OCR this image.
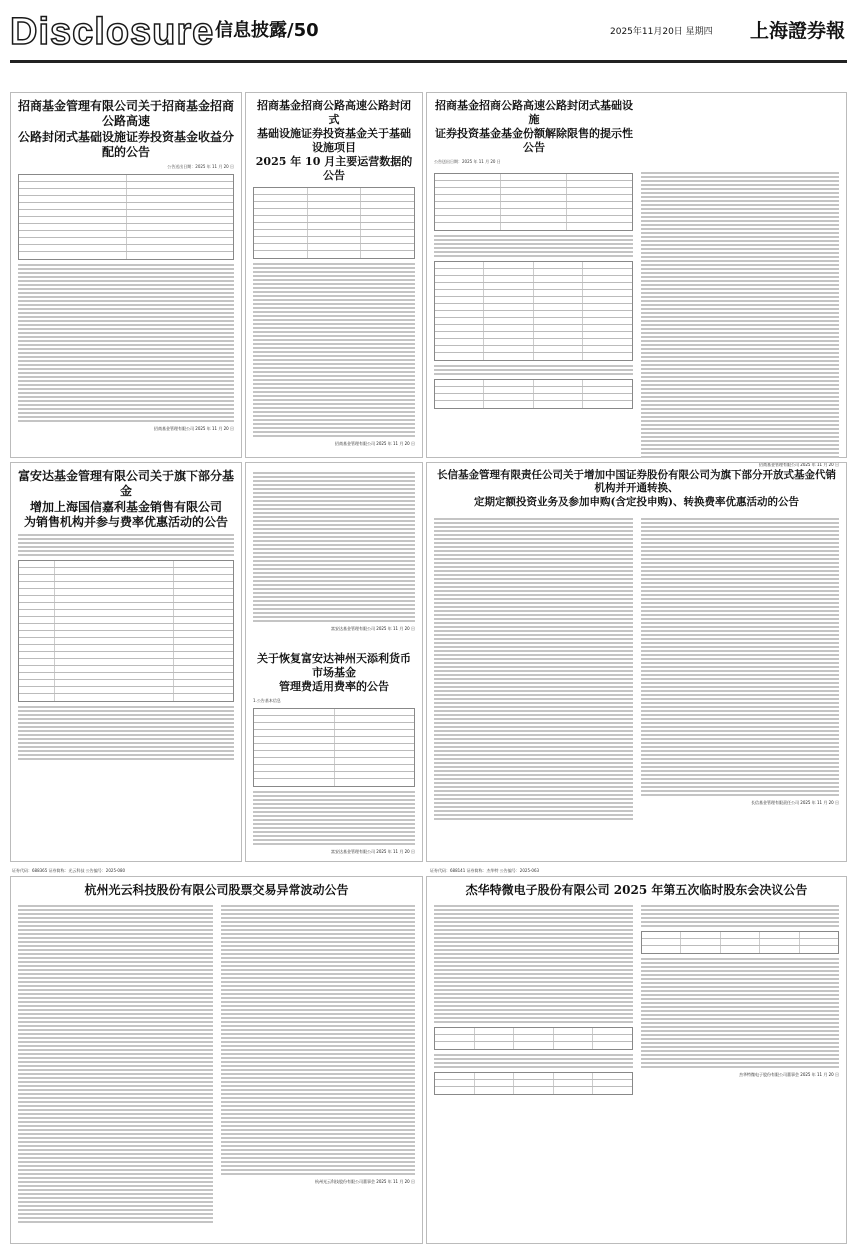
Disclosure 信息披露/50	2025年11月20日 星期四 上海證券報
招商基金管理有限公司关于招商基金招商公路高速
公路封闭式基础设施证券投资基金收益分配的公告
公告送出日期：2025 年 11 月 20 日
招商基金管理有限公司 2025 年 11 月 20 日
招商基金招商公路高速公路封闭式
基础设施证券投资基金关于基础设施项目
2025 年 10 月主要运营数据的公告
招商基金管理有限公司 2025 年 11 月 20 日
招商基金招商公路高速公路封闭式基础设施
证券投资基金基金份额解除限售的提示性公告
公告送出日期：2025 年 11 月 20 日
招商基金管理有限公司 2025 年 11 月 20 日
富安达基金管理有限公司关于旗下部分基金
增加上海国信嘉利基金销售有限公司
为销售机构并参与费率优惠活动的公告
富安达基金管理有限公司 2025 年 11 月 20 日
关于恢复富安达神州天添利货币市场基金
管理费适用费率的公告
1.公告基本信息
富安达基金管理有限公司 2025 年 11 月 20 日
长信基金管理有限责任公司关于增加中国证券股份有限公司为旗下部分开放式基金代销机构并开通转换、
定期定额投资业务及参加申购(含定投申购)、转换费率优惠活动的公告
长信基金管理有限责任公司 2025 年 11 月 20 日
证券代码：688365 证券简称：光云科技 公告编号：2025-080
杭州光云科技股份有限公司股票交易异常波动公告
杭州光云科技股份有限公司董事会 2025 年 11 月 20 日
证券代码：688141 证券简称：杰华特 公告编号：2025-063
杰华特微电子股份有限公司 2025 年第五次临时股东会决议公告
杰华特微电子股份有限公司董事会 2025 年 11 月 20 日
